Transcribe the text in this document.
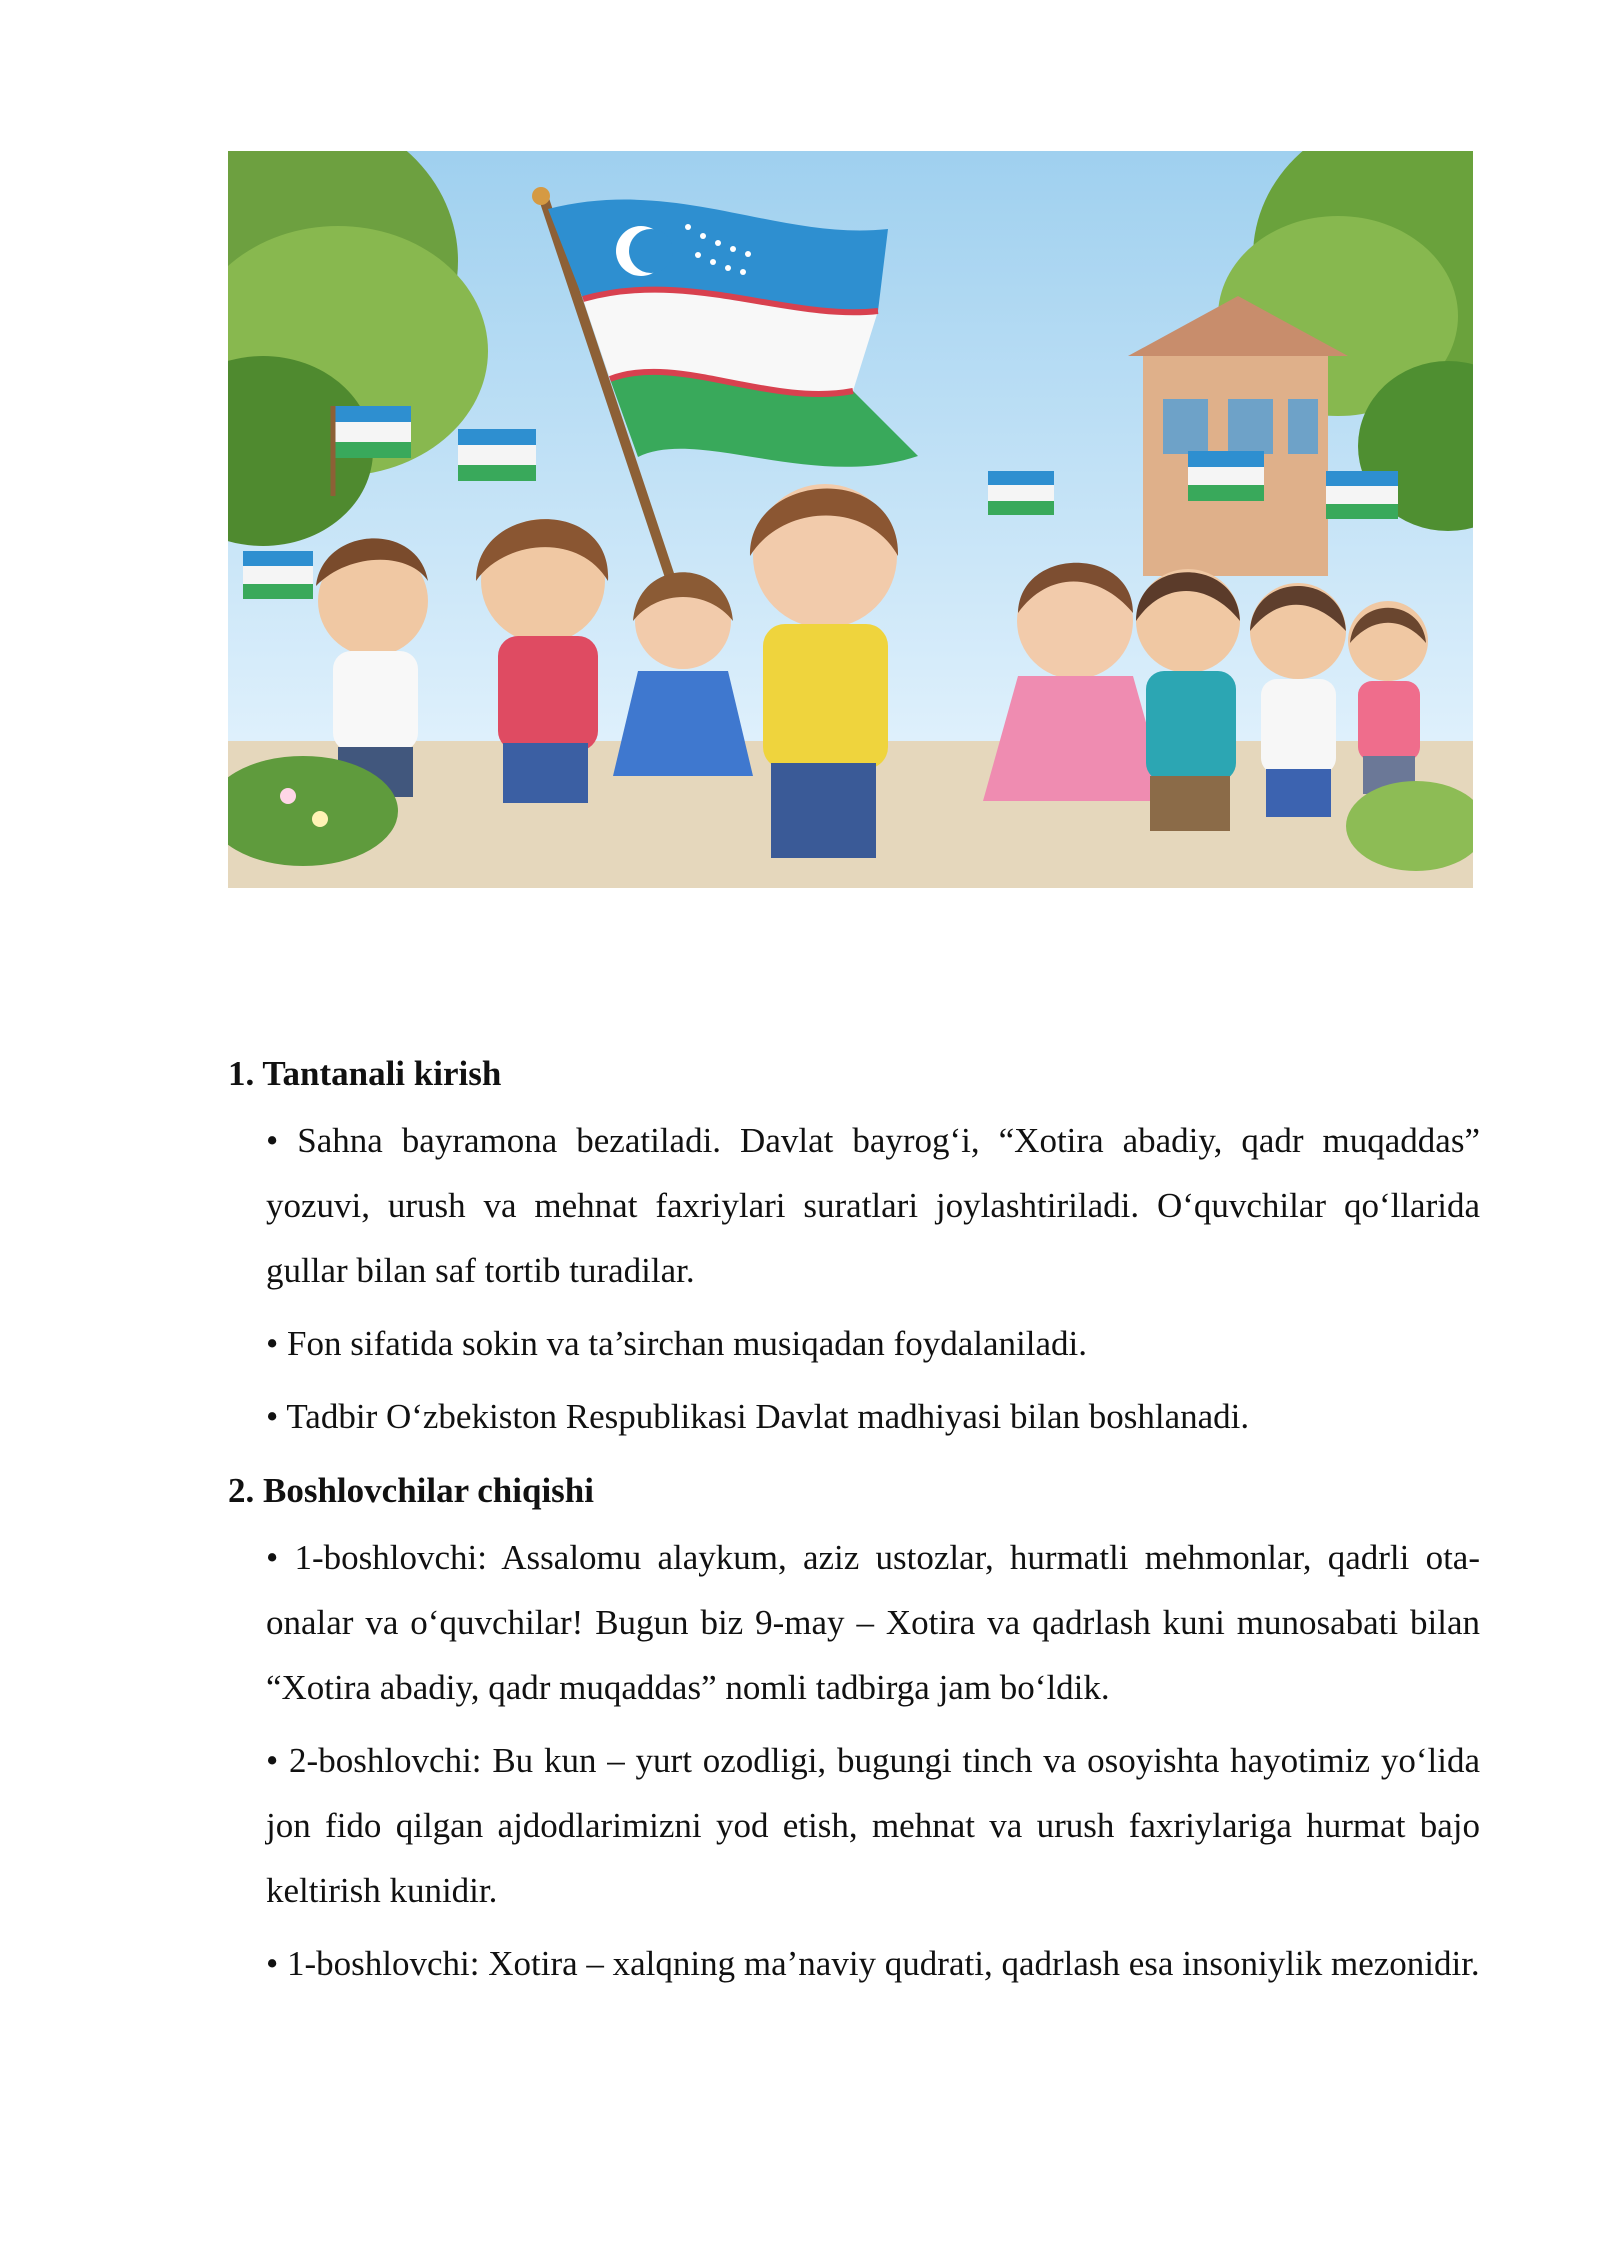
1. Tantanali kirish

• Sahna bayramona bezatiladi. Davlat bayrog‘i, “Xotira abadiy, qadr muqaddas” yozuvi, urush va mehnat faxriylari suratlari joylashtiriladi. O‘quvchilar qo‘llarida gullar bilan saf tortib turadilar.

• Fon sifatida sokin va ta’sirchan musiqadan foydalaniladi.

• Tadbir O‘zbekiston Respublikasi Davlat madhiyasi bilan boshlanadi.

2. Boshlovchilar chiqishi

• 1-boshlovchi: Assalomu alaykum, aziz ustozlar, hurmatli mehmonlar, qadrli ota-onalar va o‘quvchilar! Bugun biz 9-may – Xotira va qadrlash kuni munosabati bilan “Xotira abadiy, qadr muqaddas” nomli tadbirga jam bo‘ldik.

• 2-boshlovchi: Bu kun – yurt ozodligi, bugungi tinch va osoyishta hayotimiz yo‘lida jon fido qilgan ajdodlarimizni yod etish, mehnat va urush faxriylariga hurmat bajo keltirish kunidir.

• 1-boshlovchi: Xotira – xalqning ma’naviy qudrati, qadrlash esa insoniylik mezonidir.
